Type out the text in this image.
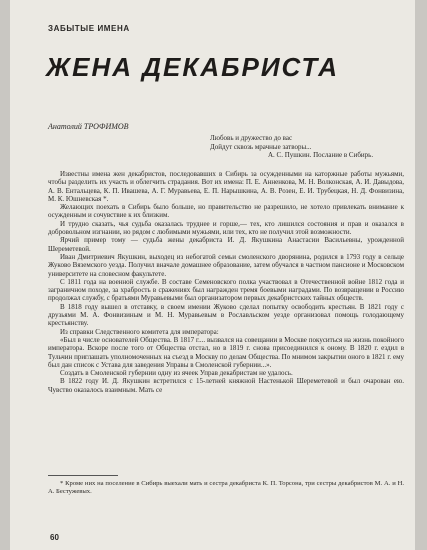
ЗАБЫТЫЕ ИМЕНА
ЖЕНА ДЕКАБРИСТА
Анатолий ТРОФИМОВ
Любовь и дружество до вас
Дойдут сквозь мрачные затворы...
А. С. Пушкин. Послание в Сибирь.

Известны имена жен декабристов, последовавших в Сибирь за осужденными на каторжные работы мужьями, чтобы разделить их участь и облегчить страдания. Вот их имена: П. Е. Анненкова, М. Н. Волконская, А. И. Давыдова, А. В. Ентальцева, К. П. Ивашева, А. Г. Муравьева, Е. П. Нарышкина, А. В. Розен, Е. И. Трубецкая, Н. Д. Фонвизина, М. К. Юшневская *.

Желающих поехать в Сибирь было больше, но правительство не разрешило, не хотело привлекать внимание к осужденным и сочувствие к их близким.

И трудно сказать, чья судьба оказалась труднее и горше,— тех, кто лишился состояния и прав и оказался в добровольном изгнании, но рядом с любимыми мужьями, или тех, кто не получил этой возможности.

Ярчий пример тому — судьба жены декабриста И. Д. Якушкина Анастасии Васильевны, урожденной Шереметевой.

Иван Дмитриевич Якушкин, выходец из небогатой семьи смоленского дворянина, родился в 1793 году в сельце Жуково Вяземского уезда. Получил вначале домашнее образование, затем обучался в частном пансионе и Московском университете на словесном факультете.

С 1811 года на военной службе. В составе Семеновского полка участвовал в Отечественной войне 1812 года и заграничном походе, за храбрость в сражениях был награжден тремя боевыми наградами. По возвращении в Россию продолжал службу, с братьями Муравьевыми был организатором первых декабристских тайных обществ.

В 1818 году вышел в отставку, в своем имении Жуково сделал попытку освободить крестьян. В 1821 году с друзьями М. А. Фонвизиным и М. Н. Муравьевым в Рославльском уезде организовал помощь голодающему крестьянству.

Из справки Следственного комитета для императора:

«Был в числе основателей Общества. В 1817 г.... вызвался на совещании в Москве покуситься на жизнь покойного императора. Вскоре после того от Общества отстал, но в 1819 г. снова присоединился к оному. В 1820 г. ездил в Тульчин приглашать уполномоченных на съезд в Москву по делам Общества. По мнимом закрытии оного в 1821 г. ему был дан список с Устава для заведения Управы в Смоленской губернии...».

Создать в Смоленской губернии одну из ячеек Управ декабристам не удалось.

В 1822 году И. Д. Якушкин встретился с 15-летней княжной Настенькой Шереметевой и был очарован ею. Чувство оказалось взаимным. Мать се

* Кроме них на поселение в Сибирь выехали мать и сестра декабриста К. П. Торсона, три сестры декабристов М. А. и Н. А. Бестужевых.
60
